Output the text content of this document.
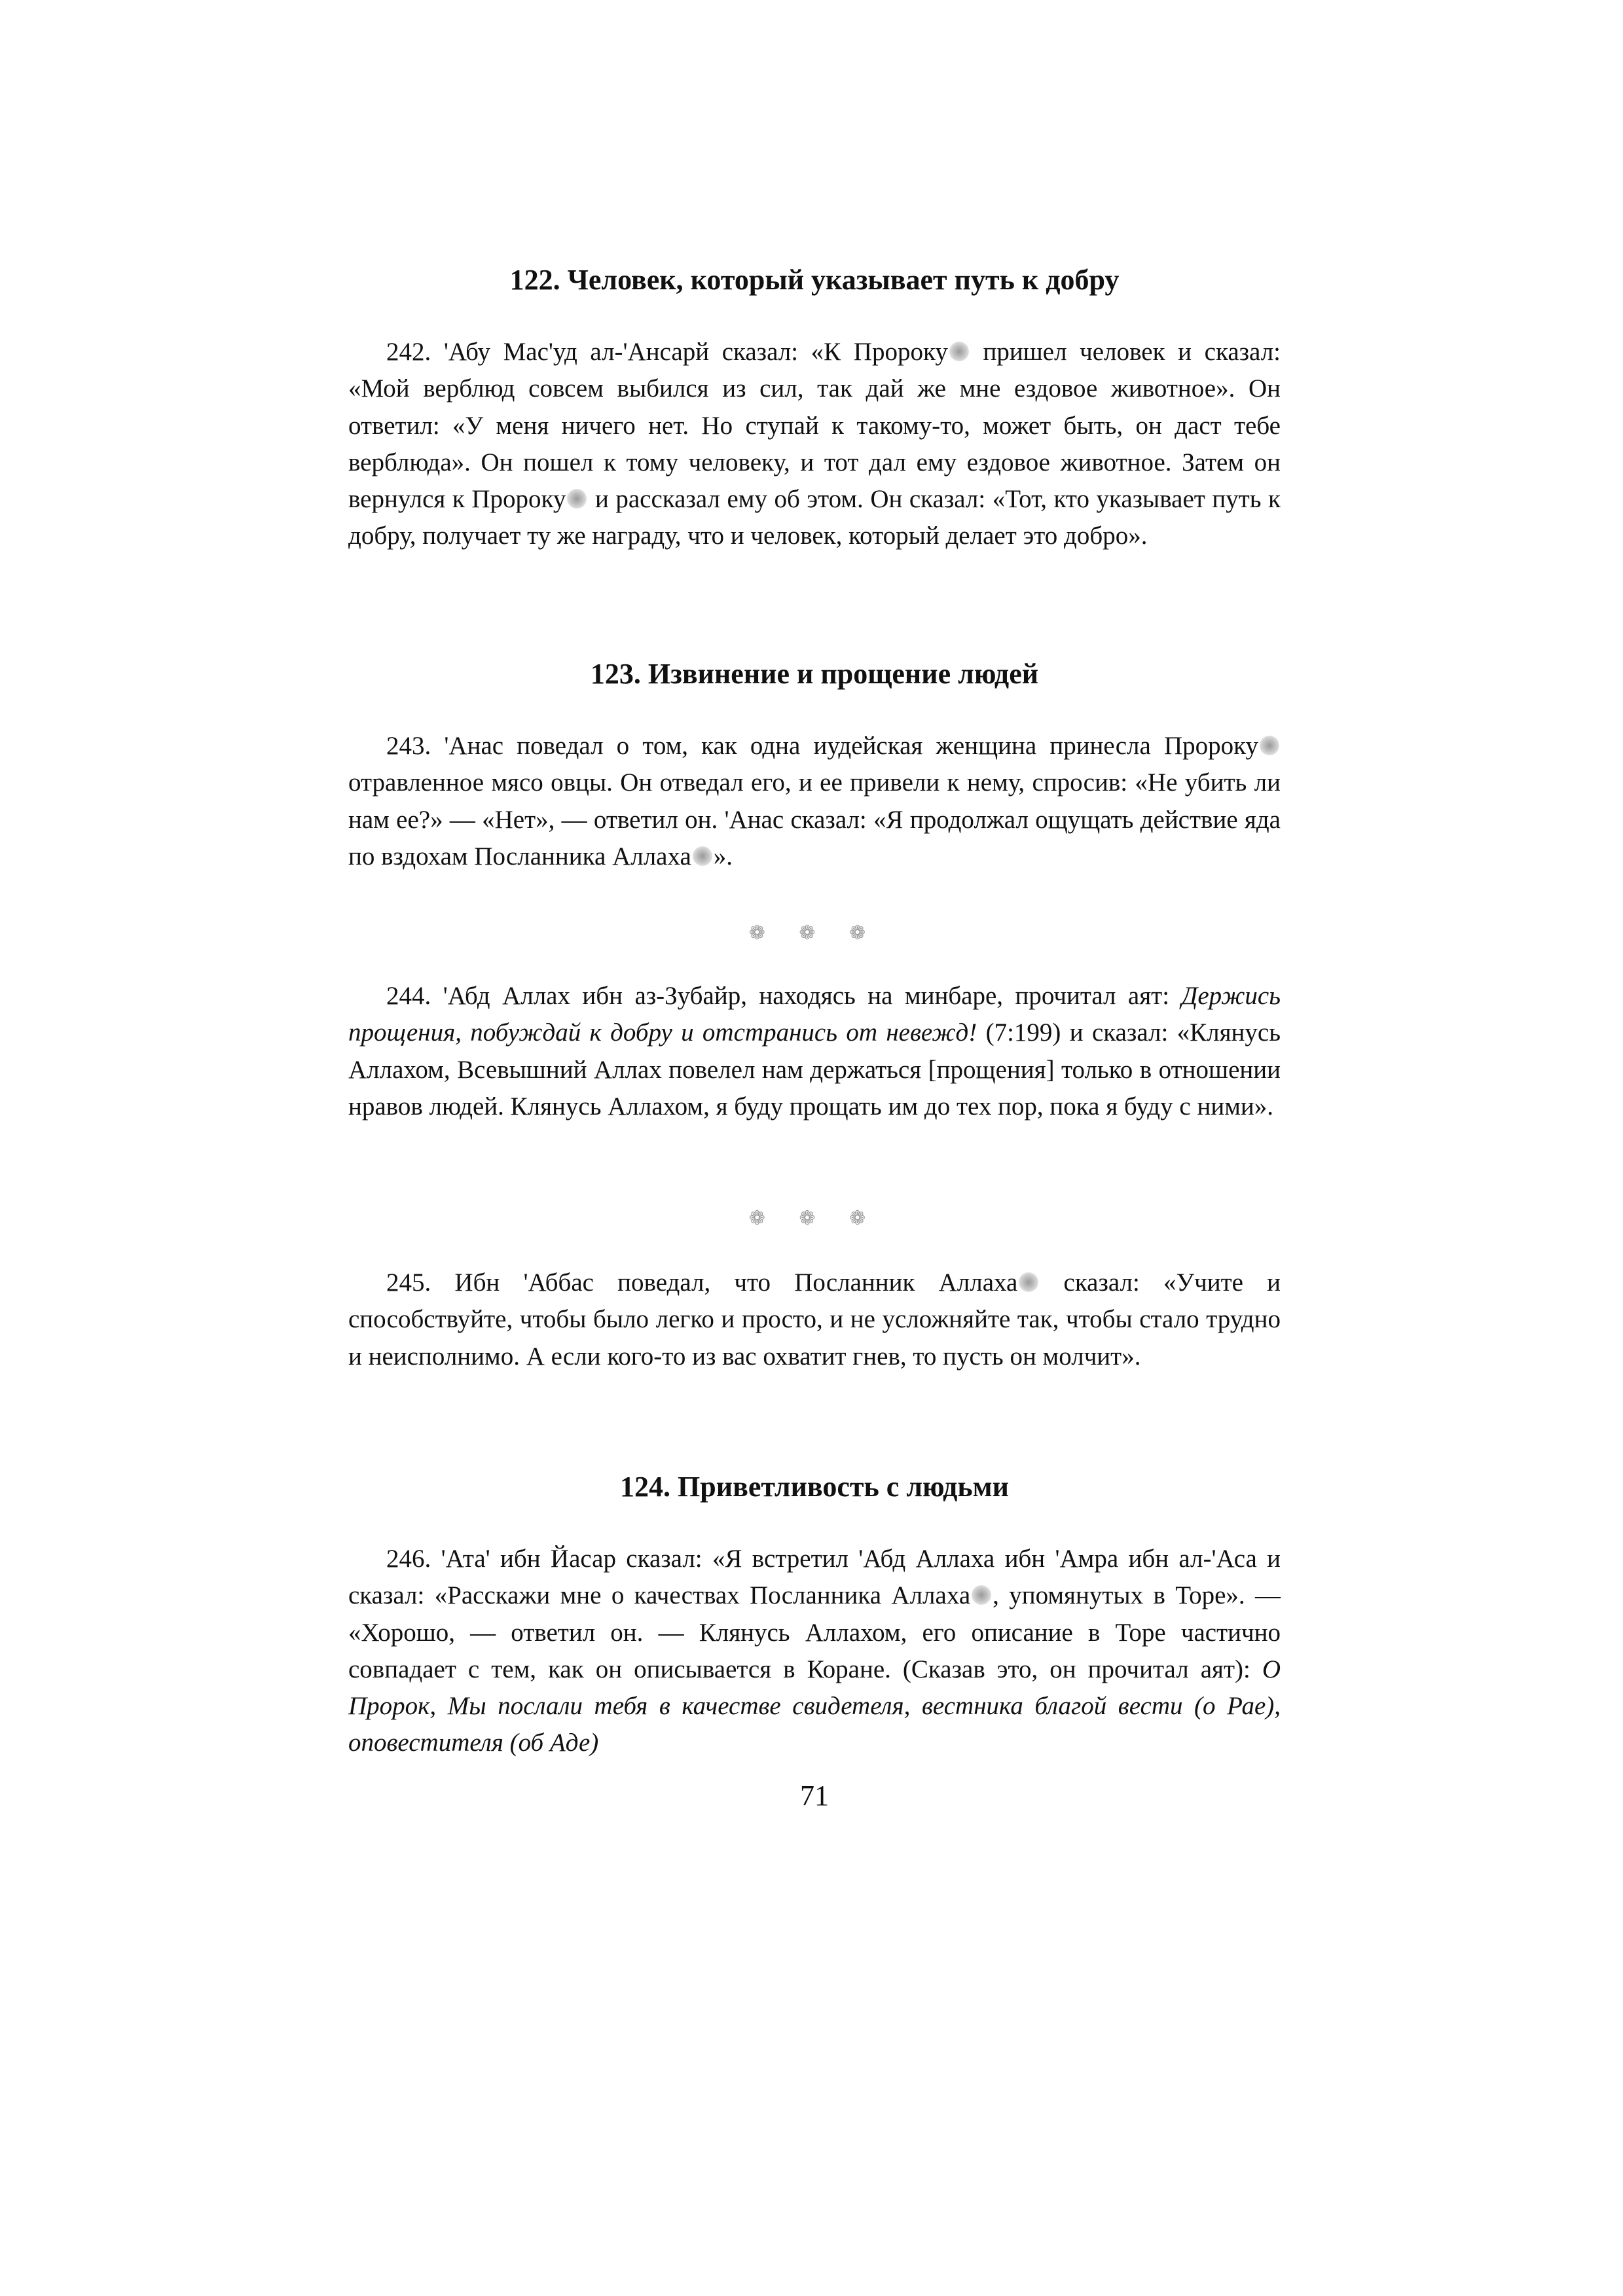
122. Человек, который указывает путь к добру

242. 'Абу Мас'уд ал-'Ансарй сказал: «К Пророку пришел человек и сказал: «Мой верблюд совсем выбился из сил, так дай же мне ездовое животное». Он ответил: «У меня ничего нет. Но ступай к такому-то, может быть, он даст тебе верблюда». Он пошел к тому человеку, и тот дал ему ездовое животное. Затем он вернулся к Пророку и рассказал ему об этом. Он сказал: «Тот, кто указывает путь к добру, получает ту же награду, что и человек, который делает это добро».

123. Извинение и прощение людей

243. 'Анас поведал о том, как одна иудейская женщина принесла Пророку отравленное мясо овцы. Он отведал его, и ее привели к нему, спросив: «Не убить ли нам ее?» — «Нет», — ответил он. 'Анас сказал: «Я продолжал ощущать действие яда по вздохам Посланника Аллаха ».

❁ ❁ ❁

244. 'Абд Аллах ибн аз-Зубайр, находясь на минбаре, прочитал аят: Держись прощения, побуждай к добру и отстранись от невежд! (7:199) и сказал: «Клянусь Аллахом, Всевышний Аллах повелел нам держаться [прощения] только в отношении нравов людей. Клянусь Аллахом, я буду прощать им до тех пор, пока я буду с ними».

❁ ❁ ❁

245. Ибн 'Аббас поведал, что Посланник Аллаха сказал: «Учите и способствуйте, чтобы было легко и просто, и не усложняйте так, чтобы стало трудно и неисполнимо. А если кого-то из вас охватит гнев, то пусть он молчит».

124. Приветливость с людьми

246. 'Ата' ибн Йасар сказал: «Я встретил 'Абд Аллаха ибн 'Амра ибн ал-'Аса и сказал: «Расскажи мне о качествах Посланника Аллаха , упомянутых в Торе». — «Хорошо, — ответил он. — Клянусь Аллахом, его описание в Торе частично совпадает с тем, как он описывается в Коране. (Сказав это, он прочитал аят): О Пророк, Мы послали тебя в качестве свидетеля, вестника благой вести (о Рае), оповестителя (об Аде)

71
